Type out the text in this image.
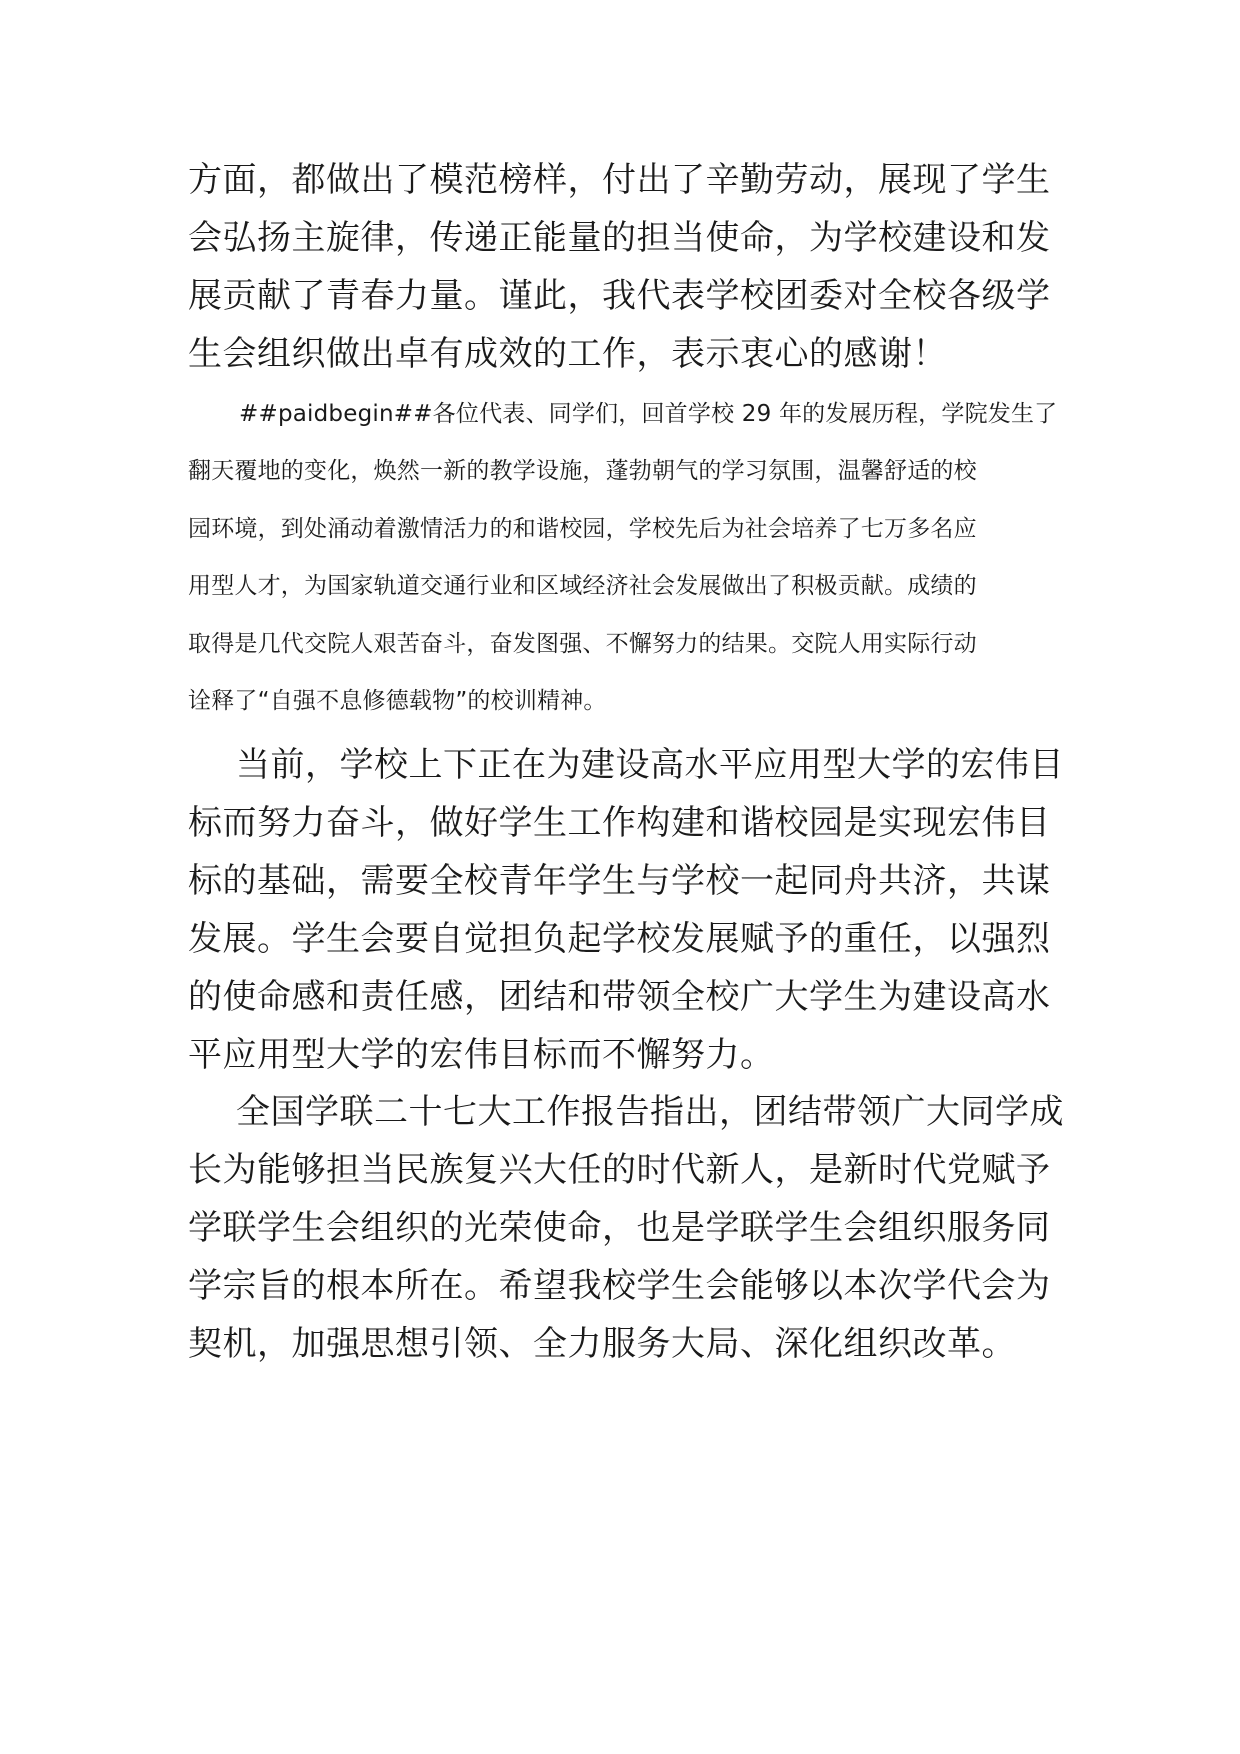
方面，都做出了模范榜样，付出了辛勤劳动，展现了学生
会弘扬主旋律，传递正能量的担当使命，为学校建设和发
展贡献了青春力量。谨此，我代表学校团委对全校各级学
生会组织做出卓有成效的工作，表示衷心的感谢！
##paidbegin##各位代表、同学们，回首学校 29 年的发展历程，学院发生了
翻天覆地的变化，焕然一新的教学设施，蓬勃朝气的学习氛围，温馨舒适的校
园环境，到处涌动着激情活力的和谐校园，学校先后为社会培养了七万多名应
用型人才，为国家轨道交通行业和区域经济社会发展做出了积极贡献。成绩的
取得是几代交院人艰苦奋斗，奋发图强、不懈努力的结果。交院人用实际行动
诠释了“自强不息修德载物”的校训精神。
当前，学校上下正在为建设高水平应用型大学的宏伟目
标而努力奋斗，做好学生工作构建和谐校园是实现宏伟目
标的基础，需要全校青年学生与学校一起同舟共济，共谋
发展。学生会要自觉担负起学校发展赋予的重任，以强烈
的使命感和责任感，团结和带领全校广大学生为建设高水
平应用型大学的宏伟目标而不懈努力。
全国学联二十七大工作报告指出，团结带领广大同学成
长为能够担当民族复兴大任的时代新人，是新时代党赋予
学联学生会组织的光荣使命，也是学联学生会组织服务同
学宗旨的根本所在。希望我校学生会能够以本次学代会为
契机，加强思想引领、全力服务大局、深化组织改革。
